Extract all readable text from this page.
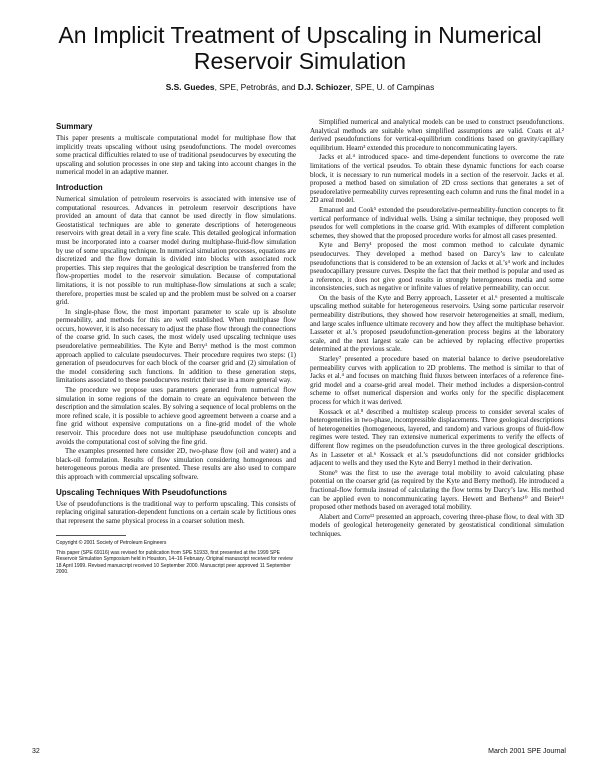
An Implicit Treatment of Upscaling in Numerical Reservoir Simulation
S.S. Guedes, SPE, Petrobrás, and D.J. Schiozer, SPE, U. of Campinas
Summary

This paper presents a multiscale computational model for multiphase flow that implicitly treats upscaling without using pseudofunctions. The model overcomes some practical difficulties related to use of traditional pseudocurves by executing the upscaling and solution processes in one step and taking into account changes in the numerical model in an adaptive manner.

Introduction

Numerical simulation of petroleum reservoirs is associated with intensive use of computational resources. Advances in petroleum reservoir descriptions have provided an amount of data that cannot be used directly in flow simulations. Geostatistical techniques are able to generate descriptions of heterogeneous reservoirs with great detail in a very fine scale. This detailed geological information must be incorporated into a coarser model during multiphase-fluid-flow simulation by use of some upscaling technique. In numerical simulation processes, equations are discretized and the flow domain is divided into blocks with associated rock properties. This step requires that the geological description be transferred from the flow-properties model to the reservoir simulation. Because of computational limitations, it is not possible to run multiphase-flow simulations at such a scale; therefore, properties must be scaled up and the problem must be solved on a coarser grid.

In single-phase flow, the most important parameter to scale up is absolute permeability, and methods for this are well established. When multiphase flow occurs, however, it is also necessary to adjust the phase flow through the connections of the coarse grid. In such cases, the most widely used upscaling technique uses pseudorelative permeabilities. The Kyte and Berry¹ method is the most common approach applied to calculate pseudocurves. Their procedure requires two steps: (1) generation of pseudocurves for each block of the coarser grid and (2) simulation of the model considering such functions. In addition to these generation steps, limitations associated to these pseudocurves restrict their use in a more general way.

The procedure we propose uses parameters generated from numerical flow simulation in some regions of the domain to create an equivalence between the description and the simulation scales. By solving a sequence of local problems on the more refined scale, it is possible to achieve good agreement between a coarse and a fine grid without expensive computations on a fine-grid model of the whole reservoir. This procedure does not use multiphase pseudofunction concepts and avoids the computational cost of solving the fine grid.

The examples presented here consider 2D, two-phase flow (oil and water) and a black-oil formulation. Results of flow simulation considering homogeneous and heterogeneous porous media are presented. These results are also used to compare this approach with commercial upscaling software.

Upscaling Techniques With Pseudofunctions

Use of pseudofunctions is the traditional way to perform upscaling. This consists of replacing original saturation-dependent functions on a certain scale by fictitious ones that represent the same physical process in a coarser solution mesh.

Copyright © 2001 Society of Petroleum Engineers
This paper (SPE 69116) was revised for publication from SPE 51933, first presented at the 1999 SPE Reservoir Simulation Symposium held in Houston, 14–16 February. Original manuscript received for review 18 April 1999. Revised manuscript received 10 September 2000. Manuscript peer approved 11 September 2000.

Simplified numerical and analytical models can be used to construct pseudofunctions. Analytical methods are suitable when simplified assumptions are valid. Coats et al.² derived pseudofunctions for vertical-equilibrium conditions based on gravity/capillary equilibrium. Hearn³ extended this procedure to noncommunicating layers.

Jacks et al.⁴ introduced space- and time-dependent functions to overcome the rate limitations of the vertical pseudos. To obtain these dynamic functions for each coarse block, it is necessary to run numerical models in a section of the reservoir. Jacks et al. proposed a method based on simulation of 2D cross sections that generates a set of pseudorelative permeability curves representing each column and runs the final model in a 2D areal model.

Emanuel and Cook⁵ extended the pseudorelative-permeability-function concepts to fit vertical performance of individual wells. Using a similar technique, they proposed well pseudos for well completions in the coarse grid. With examples of different completion schemes, they showed that the proposed procedure works for almost all cases presented.

Kyte and Berry¹ proposed the most common method to calculate dynamic pseudocurves. They developed a method based on Darcy’s law to calculate pseudofunctions that is considered to be an extension of Jacks et al.’s⁴ work and includes pseudocapillary pressure curves. Despite the fact that their method is popular and used as a reference, it does not give good results in strongly heterogeneous media and some inconsistencies, such as negative or infinite values of relative permeability, can occur.

On the basis of the Kyte and Berry approach, Lasseter et al.⁶ presented a multiscale upscaling method suitable for heterogeneous reservoirs. Using some particular reservoir permeability distributions, they showed how reservoir heterogeneities at small, medium, and large scales influence ultimate recovery and how they affect the multiphase behavior. Lasseter et al.’s proposed pseudofunction-generation process begins at the laboratory scale, and the next largest scale can be achieved by replacing effective properties determined at the previous scale.

Starley⁷ presented a procedure based on material balance to derive pseudorelative permeability curves with application to 2D problems. The method is similar to that of Jacks et al.⁴ and focuses on matching fluid fluxes between interfaces of a reference fine-grid model and a coarse-grid areal model. Their method includes a dispersion-control scheme to offset numerical dispersion and works only for the specific displacement process for which it was derived.

Kossack et al.⁸ described a multistep scaleup process to consider several scales of heterogeneities in two-phase, incompressible displacements. Three geological descriptions of heterogeneities (homogeneous, layered, and random) and various groups of fluid-flow regimes were tested. They ran extensive numerical experiments to verify the effects of different flow regimes on the pseudofunction curves in the three geological descriptions. As in Lasseter et al.⁶ Kossack et al.’s pseudofunctions did not consider gridblocks adjacent to wells and they used the Kyte and Berry1 method in their derivation.

Stone⁹ was the first to use the average total mobility to avoid calculating phase potential on the coarser grid (as required by the Kyte and Berry method). He introduced a fractional-flow formula instead of calculating the flow terms by Darcy’s law. His method can be applied even to noncommunicating layers. Hewett and Berhens¹⁰ and Beier¹¹ proposed other methods based on averaged total mobility.

Alabert and Corre¹² presented an approach, covering three-phase flow, to deal with 3D models of geological heterogeneity generated by geostatistical conditional simulation techniques.

32	March 2001 SPE Journal
